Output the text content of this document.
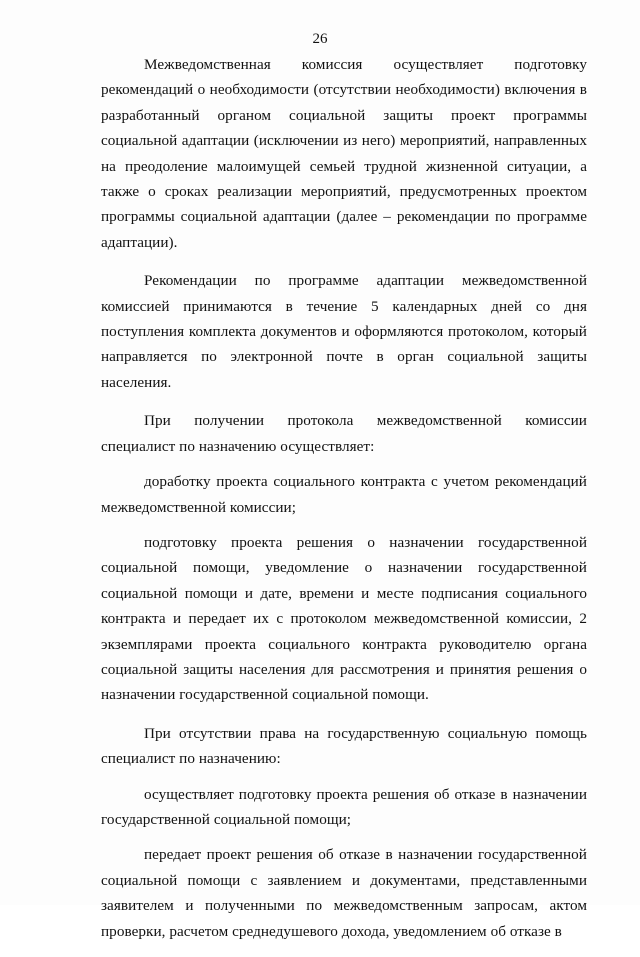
26

Межведомственная комиссия осуществляет подготовку рекомендаций о необходимости (отсутствии необходимости) включения в разработанный органом социальной защиты проект программы социальной адаптации (исключении из него) мероприятий, направленных на преодоление малоимущей семьей трудной жизненной ситуации, а также о сроках реализации мероприятий, предусмотренных проектом программы социальной адаптации (далее – рекомендации по программе адаптации).

Рекомендации по программе адаптации межведомственной комиссией принимаются в течение 5 календарных дней со дня поступления комплекта документов и оформляются протоколом, который направляется по электронной почте в орган социальной защиты населения.

При получении протокола межведомственной комиссии специалист по назначению осуществляет:

доработку проекта социального контракта с учетом рекомендаций межведомственной комиссии;

подготовку проекта решения о назначении государственной социальной помощи, уведомление о назначении государственной социальной помощи и дате, времени и месте подписания социального контракта и передает их с протоколом межведомственной комиссии, 2 экземплярами проекта социального контракта руководителю органа социальной защиты населения для рассмотрения и принятия решения о назначении государственной социальной помощи.

При отсутствии права на государственную социальную помощь специалист по назначению:

осуществляет подготовку проекта решения об отказе в назначении государственной социальной помощи;

передает проект решения об отказе в назначении государственной социальной помощи с заявлением и документами, представленными заявителем и полученными по межведомственным запросам, актом проверки, расчетом среднедушевого дохода, уведомлением об отказе в
